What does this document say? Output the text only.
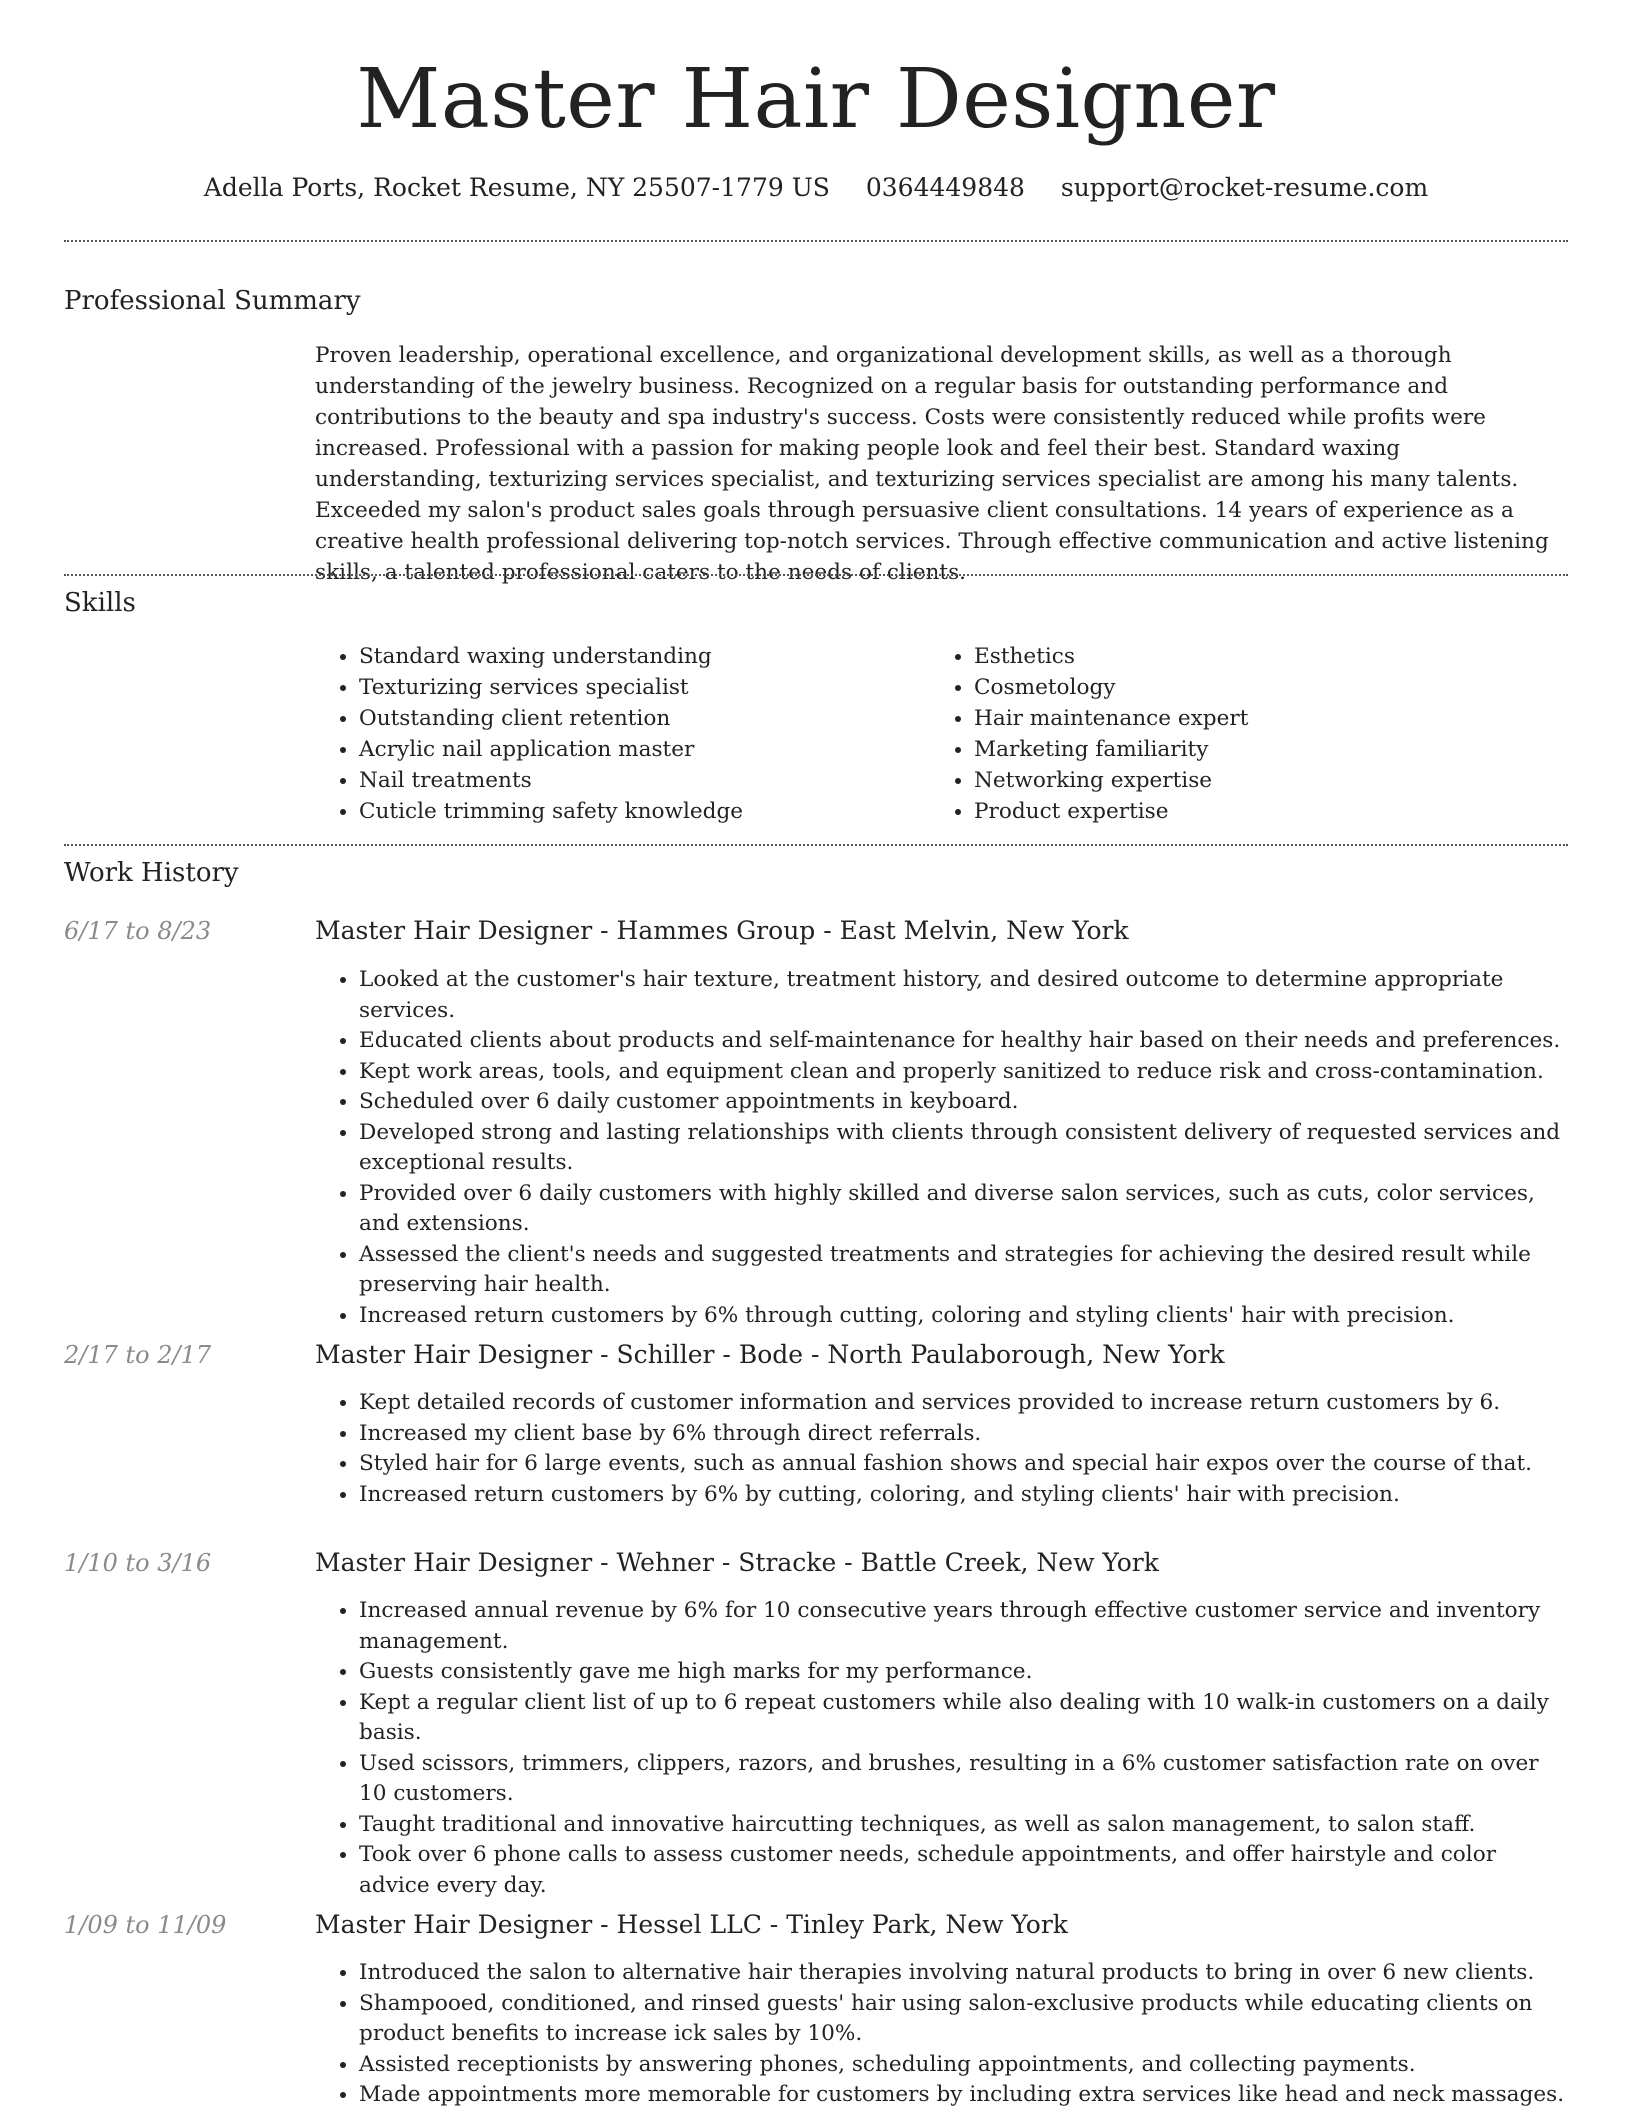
Master Hair Designer
Adella Ports, Rocket Resume, NY 25507-1779 US 0364449848 support@rocket-resume.com
Professional Summary

Proven leadership, operational excellence, and organizational development skills, as well as a thorough understanding of the jewelry business. Recognized on a regular basis for outstanding performance and contributions to the beauty and spa industry's success. Costs were consistently reduced while profits were increased. Professional with a passion for making people look and feel their best. Standard waxing understanding, texturizing services specialist, and texturizing services specialist are among his many talents. Exceeded my salon's product sales goals through persuasive client consultations. 14 years of experience as a creative health professional delivering top-notch services. Through effective communication and active listening skills, a talented professional caters to the needs of clients.

Skills
• Standard waxing understanding
• Texturizing services specialist
• Outstanding client retention
• Acrylic nail application master
• Nail treatments
• Cuticle trimming safety knowledge
• Esthetics
• Cosmetology
• Hair maintenance expert
• Marketing familiarity
• Networking expertise
• Product expertise
Work History
6/17 to 8/23	Master Hair Designer - Hammes Group - East Melvin, New York
• Looked at the customer's hair texture, treatment history, and desired outcome to determine appropriate services.
• Educated clients about products and self-maintenance for healthy hair based on their needs and preferences.
• Kept work areas, tools, and equipment clean and properly sanitized to reduce risk and cross-contamination.
• Scheduled over 6 daily customer appointments in keyboard.
• Developed strong and lasting relationships with clients through consistent delivery of requested services and exceptional results.
• Provided over 6 daily customers with highly skilled and diverse salon services, such as cuts, color services, and extensions.
• Assessed the client's needs and suggested treatments and strategies for achieving the desired result while preserving hair health.
• Increased return customers by 6% through cutting, coloring and styling clients' hair with precision.
2/17 to 2/17	Master Hair Designer - Schiller - Bode - North Paulaborough, New York
• Kept detailed records of customer information and services provided to increase return customers by 6.
• Increased my client base by 6% through direct referrals.
• Styled hair for 6 large events, such as annual fashion shows and special hair expos over the course of that.
• Increased return customers by 6% by cutting, coloring, and styling clients' hair with precision.
1/10 to 3/16	Master Hair Designer - Wehner - Stracke - Battle Creek, New York
• Increased annual revenue by 6% for 10 consecutive years through effective customer service and inventory management.
• Guests consistently gave me high marks for my performance.
• Kept a regular client list of up to 6 repeat customers while also dealing with 10 walk-in customers on a daily basis.
• Used scissors, trimmers, clippers, razors, and brushes, resulting in a 6% customer satisfaction rate on over 10 customers.
• Taught traditional and innovative haircutting techniques, as well as salon management, to salon staff.
• Took over 6 phone calls to assess customer needs, schedule appointments, and offer hairstyle and color advice every day.
1/09 to 11/09	Master Hair Designer - Hessel LLC - Tinley Park, New York
• Introduced the salon to alternative hair therapies involving natural products to bring in over 6 new clients.
• Shampooed, conditioned, and rinsed guests' hair using salon-exclusive products while educating clients on product benefits to increase ick sales by 10%.
• Assisted receptionists by answering phones, scheduling appointments, and collecting payments.
• Made appointments more memorable for customers by including extra services like head and neck massages.
